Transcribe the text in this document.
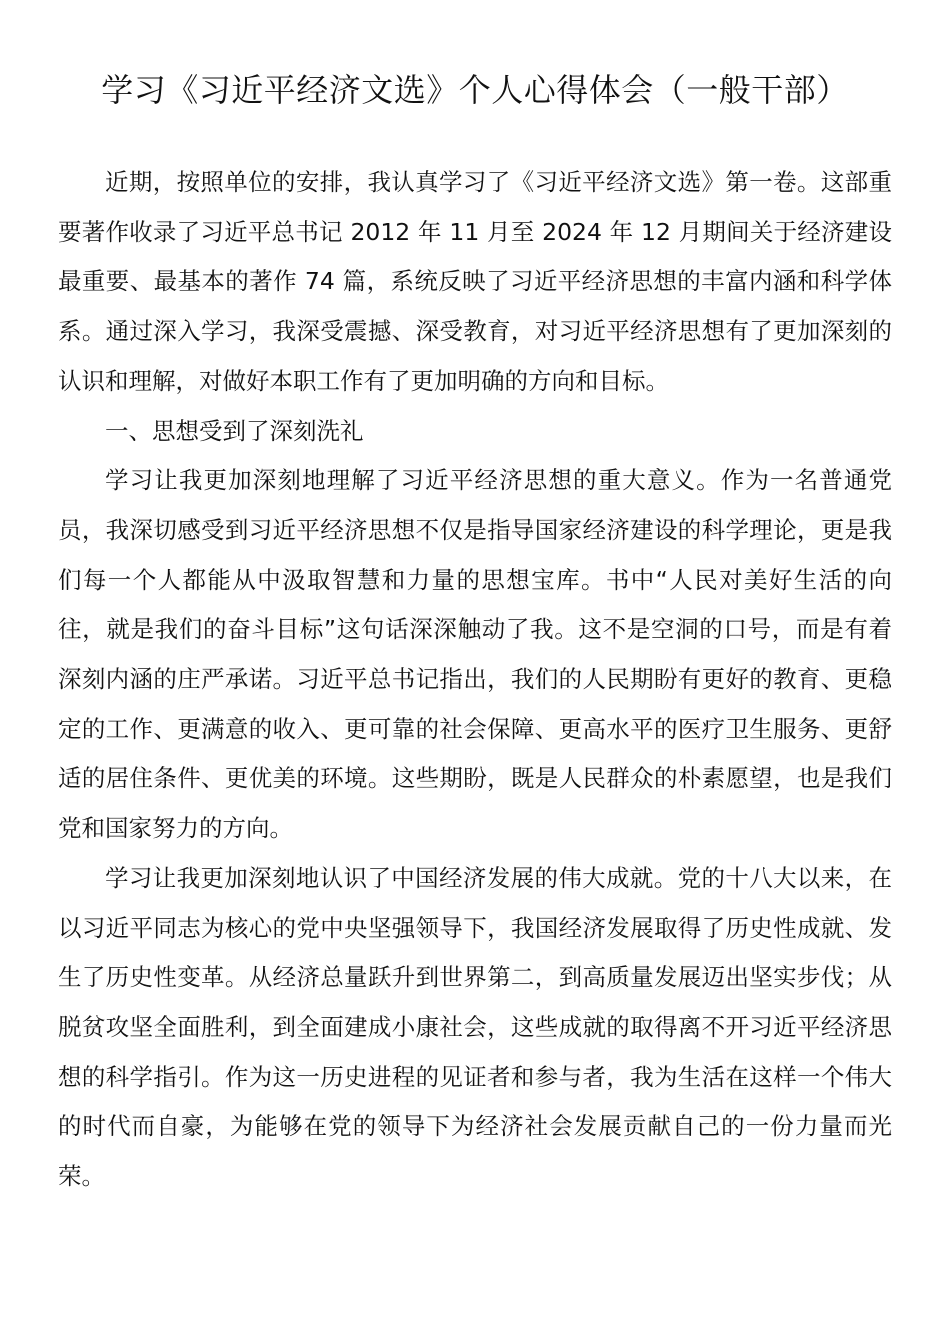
学习《习近平经济文选》个人心得体会（一般干部）

近期，按照单位的安排，我认真学习了《习近平经济文选》第一卷。这部重要著作收录了习近平总书记 2012 年 11 月至 2024 年 12 月期间关于经济建设最重要、最基本的著作 74 篇，系统反映了习近平经济思想的丰富内涵和科学体系。通过深入学习，我深受震撼、深受教育，对习近平经济思想有了更加深刻的认识和理解，对做好本职工作有了更加明确的方向和目标。

一、思想受到了深刻洗礼

学习让我更加深刻地理解了习近平经济思想的重大意义。作为一名普通党员，我深切感受到习近平经济思想不仅是指导国家经济建设的科学理论，更是我们每一个人都能从中汲取智慧和力量的思想宝库。书中“人民对美好生活的向往，就是我们的奋斗目标”这句话深深触动了我。这不是空洞的口号，而是有着深刻内涵的庄严承诺。习近平总书记指出，我们的人民期盼有更好的教育、更稳定的工作、更满意的收入、更可靠的社会保障、更高水平的医疗卫生服务、更舒适的居住条件、更优美的环境。这些期盼，既是人民群众的朴素愿望，也是我们党和国家努力的方向。

学习让我更加深刻地认识了中国经济发展的伟大成就。党的十八大以来，在以习近平同志为核心的党中央坚强领导下，我国经济发展取得了历史性成就、发生了历史性变革。从经济总量跃升到世界第二，到高质量发展迈出坚实步伐；从脱贫攻坚全面胜利，到全面建成小康社会，这些成就的取得离不开习近平经济思想的科学指引。作为这一历史进程的见证者和参与者，我为生活在这样一个伟大的时代而自豪，为能够在党的领导下为经济社会发展贡献自己的一份力量而光荣。
